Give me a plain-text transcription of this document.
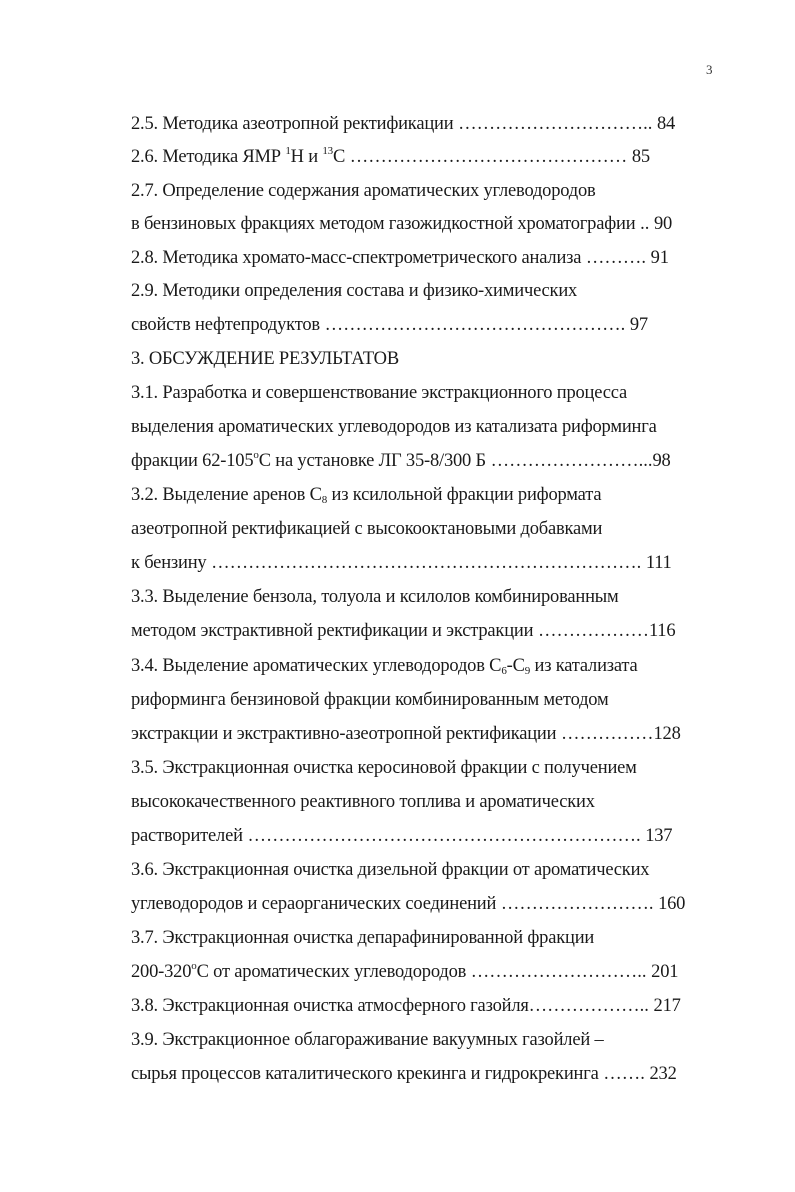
3
2.5. Методика азеотропной ректификации ………………………….. 84
2.6. Методика ЯМР $^1$Н и $^{13}$С ……………………………………… 85
2.7. Определение содержания ароматических углеводородов
в бензиновых фракциях методом газожидкостной хроматографии .. 90
2.8. Методика хромато-масс-спектрометрического анализа ………. 91
2.9. Методики определения состава и физико-химических
свойств нефтепродуктов …………………………………………. 97
3. ОБСУЖДЕНИЕ РЕЗУЛЬТАТОВ
3.1. Разработка и совершенствование экстракционного процесса
выделения ароматических углеводородов из катализата риформинга
фракции $62-105^оС$ на установке ЛГ 35-8/300 Б ……………………...98
3.2. Выделение аренов $С_8$ из ксилольной фракции риформата
азеотропной ректификацией с высокооктановыми добавками
к бензину ……………………………………………………………. 111
3.3. Выделение бензола, толуола и ксилолов комбинированным
методом экстрактивной ректификации и экстракции ………………116
3.4. Выделение ароматических углеводородов $С_6-С_9$ из катализата
риформинга бензиновой фракции комбинированным методом
экстракции и экстрактивно-азеотропной ректификации ……………128
3.5. Экстракционная очистка керосиновой фракции с получением
высококачественного реактивного топлива и ароматических
растворителей ………………………………………………………. 137
3.6. Экстракционная очистка дизельной фракции от ароматических
углеводородов и сераорганических соединений ……………………. 160
3.7. Экстракционная очистка депарафинированной фракции
$200-320^оС$ от ароматических углеводородов ……………………….. 201
3.8. Экстракционная очистка атмосферного газойля……………….. 217
3.9. Экстракционное облагораживание вакуумных газойлей –
сырья процессов каталитического крекинга и гидрокрекинга ……. 232
